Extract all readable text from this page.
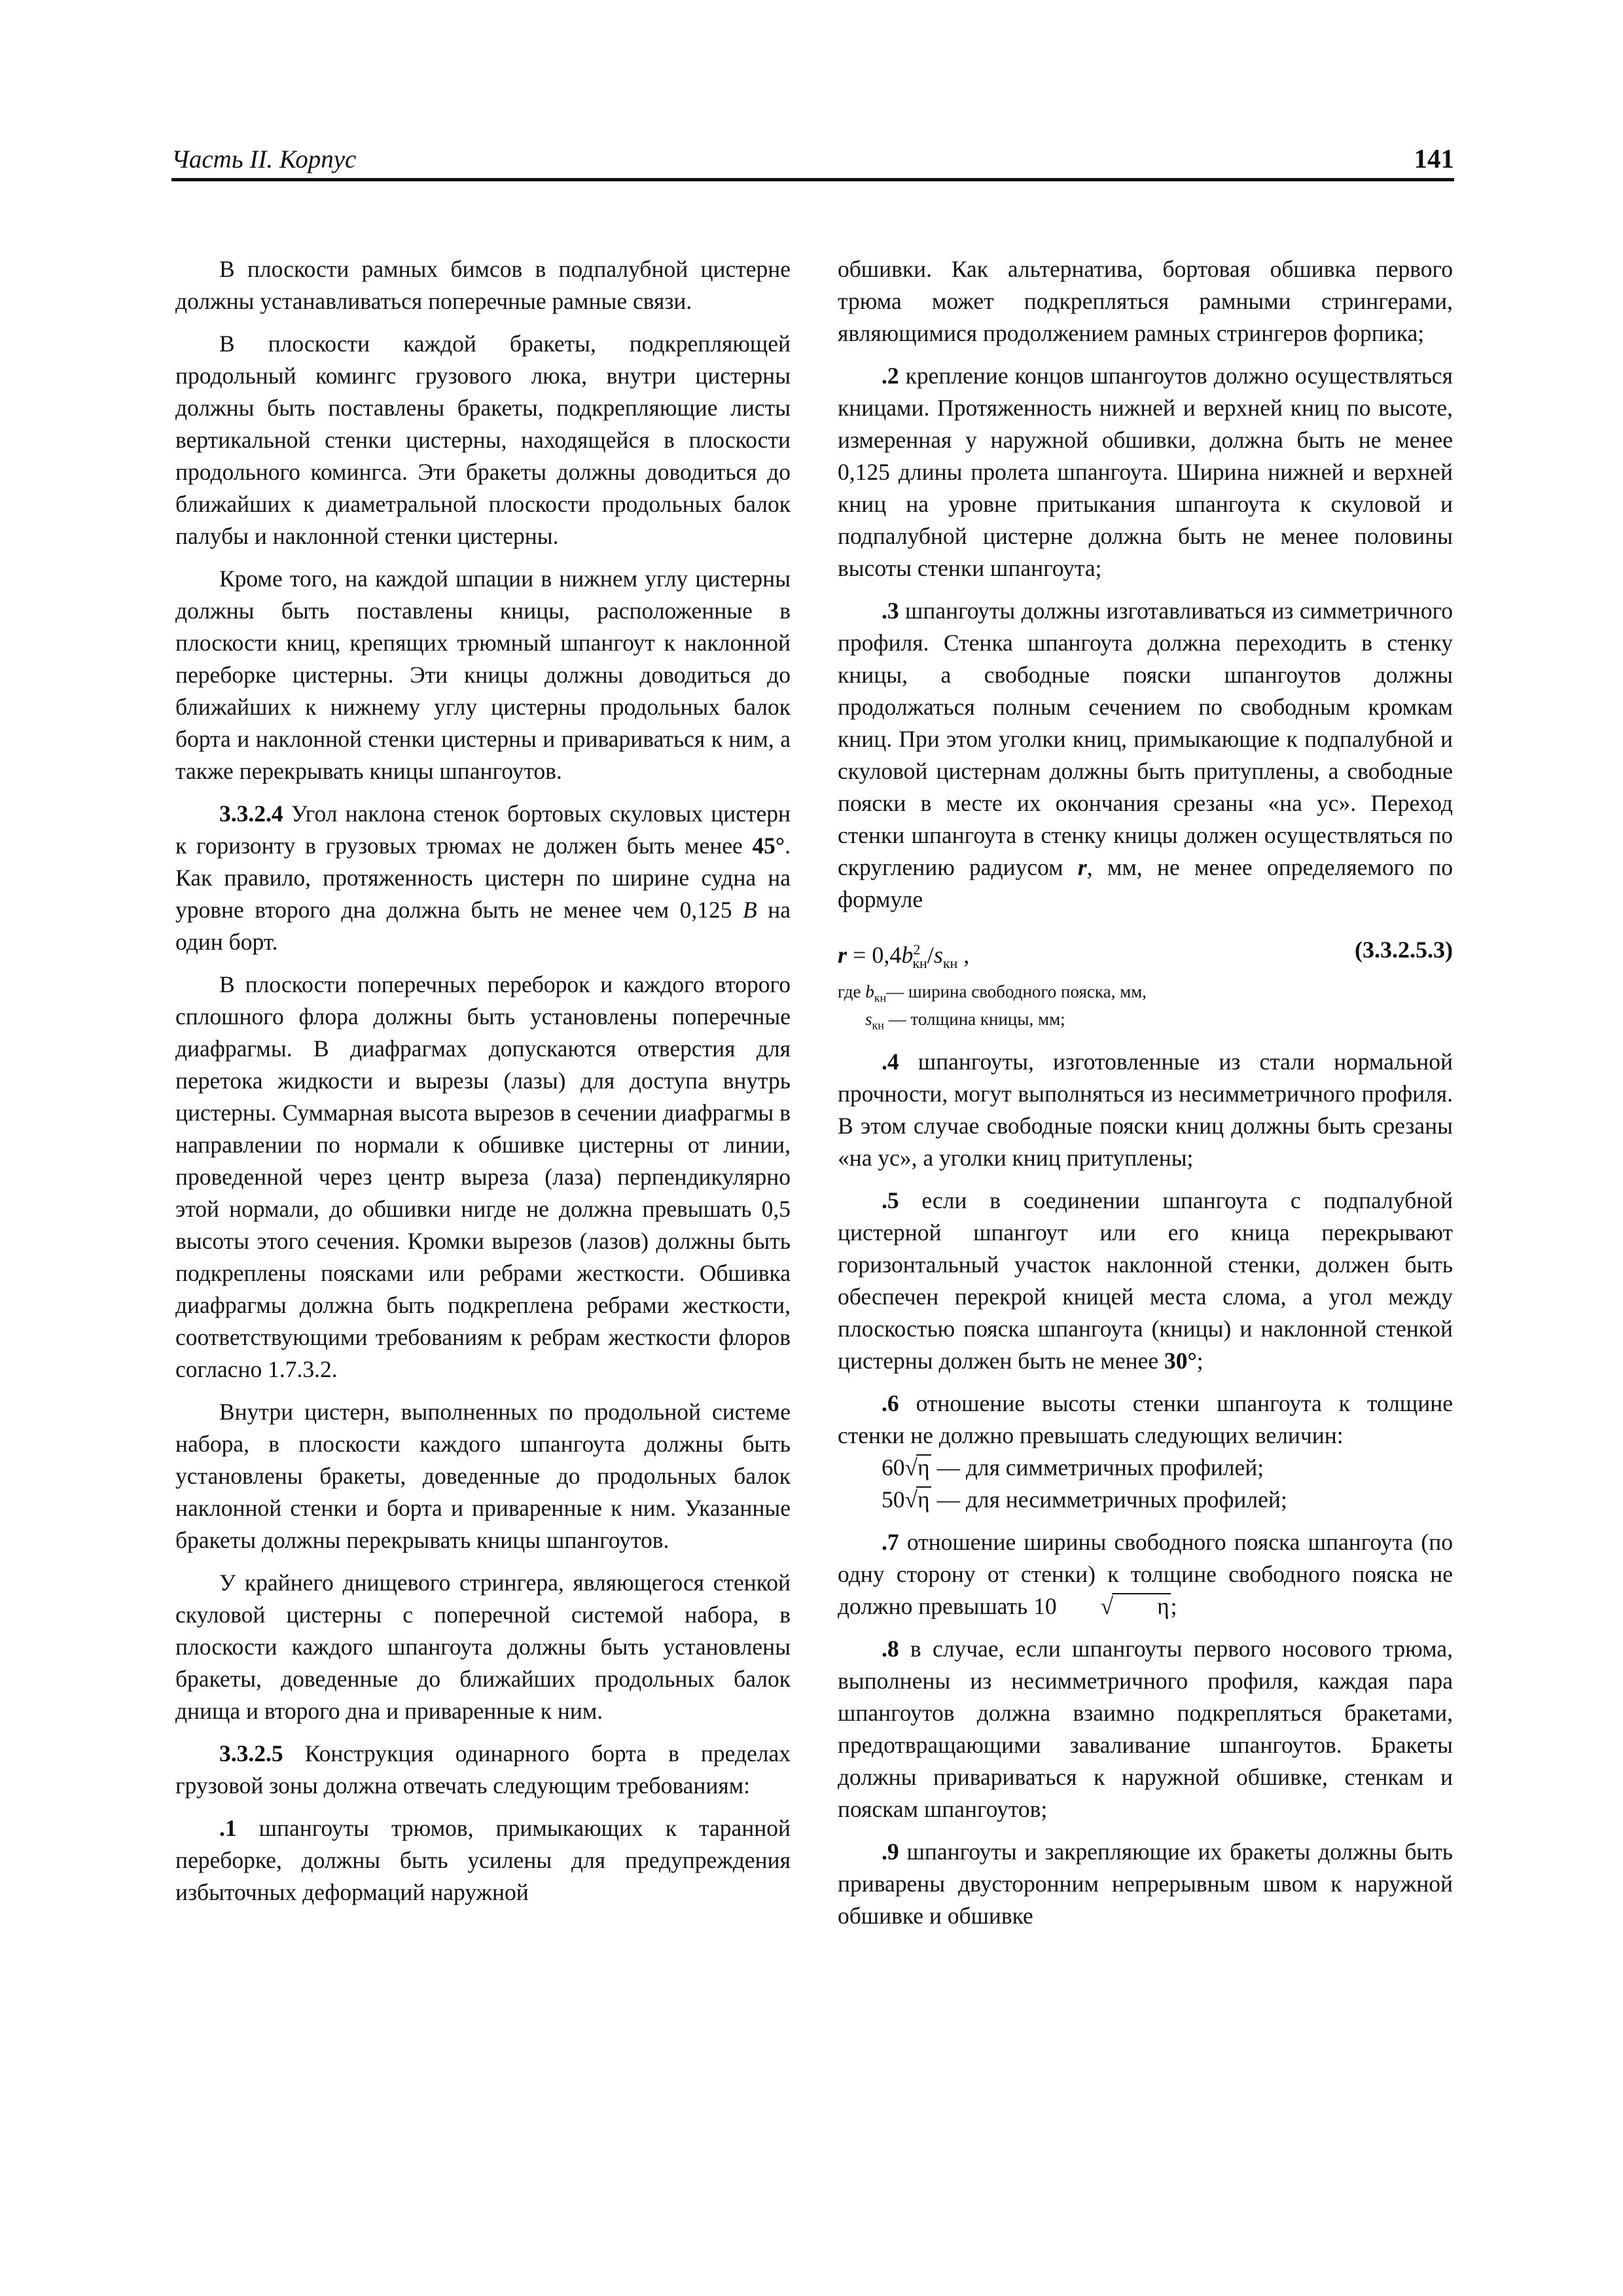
Часть II. Корпус	141

В плоскости рамных бимсов в подпалубной цистерне должны устанавливаться поперечные рамные связи.

В плоскости каждой бракеты, подкрепляющей продольный комингс грузового люка, внутри цистерны должны быть поставлены бракеты, подкрепляющие листы вертикальной стенки цистерны, находящейся в плоскости продольного комингса. Эти бракеты должны доводиться до ближайших к диаметральной плоскости продольных балок палубы и наклонной стенки цистерны.

Кроме того, на каждой шпации в нижнем углу цистерны должны быть поставлены кницы, расположенные в плоскости книц, крепящих трюмный шпангоут к наклонной переборке цистерны. Эти кницы должны доводиться до ближайших к нижнему углу цистерны продольных балок борта и наклонной стенки цистерны и привариваться к ним, а также перекрывать кницы шпангоутов.

3.3.2.4 Угол наклона стенок бортовых скуловых цистерн к горизонту в грузовых трюмах не должен быть менее 45°. Как правило, протяженность цистерн по ширине судна на уровне второго дна должна быть не менее чем 0,125 B на один борт.

В плоскости поперечных переборок и каждого второго сплошного флора должны быть установлены поперечные диафрагмы. В диафрагмах допускаются отверстия для перетока жидкости и вырезы (лазы) для доступа внутрь цистерны. Суммарная высота вырезов в сечении диафрагмы в направлении по нормали к обшивке цистерны от линии, проведенной через центр выреза (лаза) перпендикулярно этой нормали, до обшивки нигде не должна превышать 0,5 высоты этого сечения. Кромки вырезов (лазов) должны быть подкреплены поясками или ребрами жесткости. Обшивка диафрагмы должна быть подкреплена ребрами жесткости, соответствующими требованиям к ребрам жесткости флоров согласно 1.7.3.2.

Внутри цистерн, выполненных по продольной системе набора, в плоскости каждого шпангоута должны быть установлены бракеты, доведенные до продольных балок наклонной стенки и борта и приваренные к ним. Указанные бракеты должны перекрывать кницы шпангоутов.

У крайнего днищевого стрингера, являющегося стенкой скуловой цистерны с поперечной системой набора, в плоскости каждого шпангоута должны быть установлены бракеты, доведенные до ближайших продольных балок днища и второго дна и приваренные к ним.

3.3.2.5 Конструкция одинарного борта в пределах грузовой зоны должна отвечать следующим требованиям:

.1 шпангоуты трюмов, примыкающих к таранной переборке, должны быть усилены для предупреждения избыточных деформаций наружной

обшивки. Как альтернатива, бортовая обшивка первого трюма может подкрепляться рамными стрингерами, являющимися продолжением рамных стрингеров форпика;

.2 крепление концов шпангоутов должно осуществляться кницами. Протяженность нижней и верхней книц по высоте, измеренная у наружной обшивки, должна быть не менее 0,125 длины пролета шпангоута. Ширина нижней и верхней книц на уровне притыкания шпангоута к скуловой и подпалубной цистерне должна быть не менее половины высоты стенки шпангоута;

.3 шпангоуты должны изготавливаться из симметричного профиля. Стенка шпангоута должна переходить в стенку кницы, а свободные пояски шпангоутов должны продолжаться полным сечением по свободным кромкам книц. При этом уголки книц, примыкающие к подпалубной и скуловой цистернам должны быть притуплены, а свободные пояски в месте их окончания срезаны «на ус». Переход стенки шпангоута в стенку кницы должен осуществляться по скруглению радиусом r, мм, не менее определяемого по формуле

$r = 0,4b^2_{кн}/s_{кн}$ ,	(3.3.2.5.3)
где $b_{кн}—$ ширина свободного пояска, мм,
$s_{кн}$ — толщина кницы, мм;

.4 шпангоуты, изготовленные из стали нормальной прочности, могут выполняться из несимметричного профиля. В этом случае свободные пояски книц должны быть срезаны «на ус», а уголки книц притуплены;

.5 если в соединении шпангоута с подпалубной цистерной шпангоут или его кница перекрывают горизонтальный участок наклонной стенки, должен быть обеспечен перекрой кницей места слома, а угол между плоскостью пояска шпангоута (кницы) и наклонной стенкой цистерны должен быть не менее 30°;

.6 отношение высоты стенки шпангоута к толщине стенки не должно превышать следующих величин:

60√η — для симметричных профилей;

50√η — для несимметричных профилей;

.7 отношение ширины свободного пояска шпангоута (по одну сторону от стенки) к толщине свободного пояска не должно превышать 10 √ η;

.8 в случае, если шпангоуты первого носового трюма, выполнены из несимметричного профиля, каждая пара шпангоутов должна взаимно подкрепляться бракетами, предотвращающими заваливание шпангоутов. Бракеты должны привариваться к наружной обшивке, стенкам и пояскам шпангоутов;

.9 шпангоуты и закрепляющие их бракеты должны быть приварены двусторонним непрерывным швом к наружной обшивке и обшивке
